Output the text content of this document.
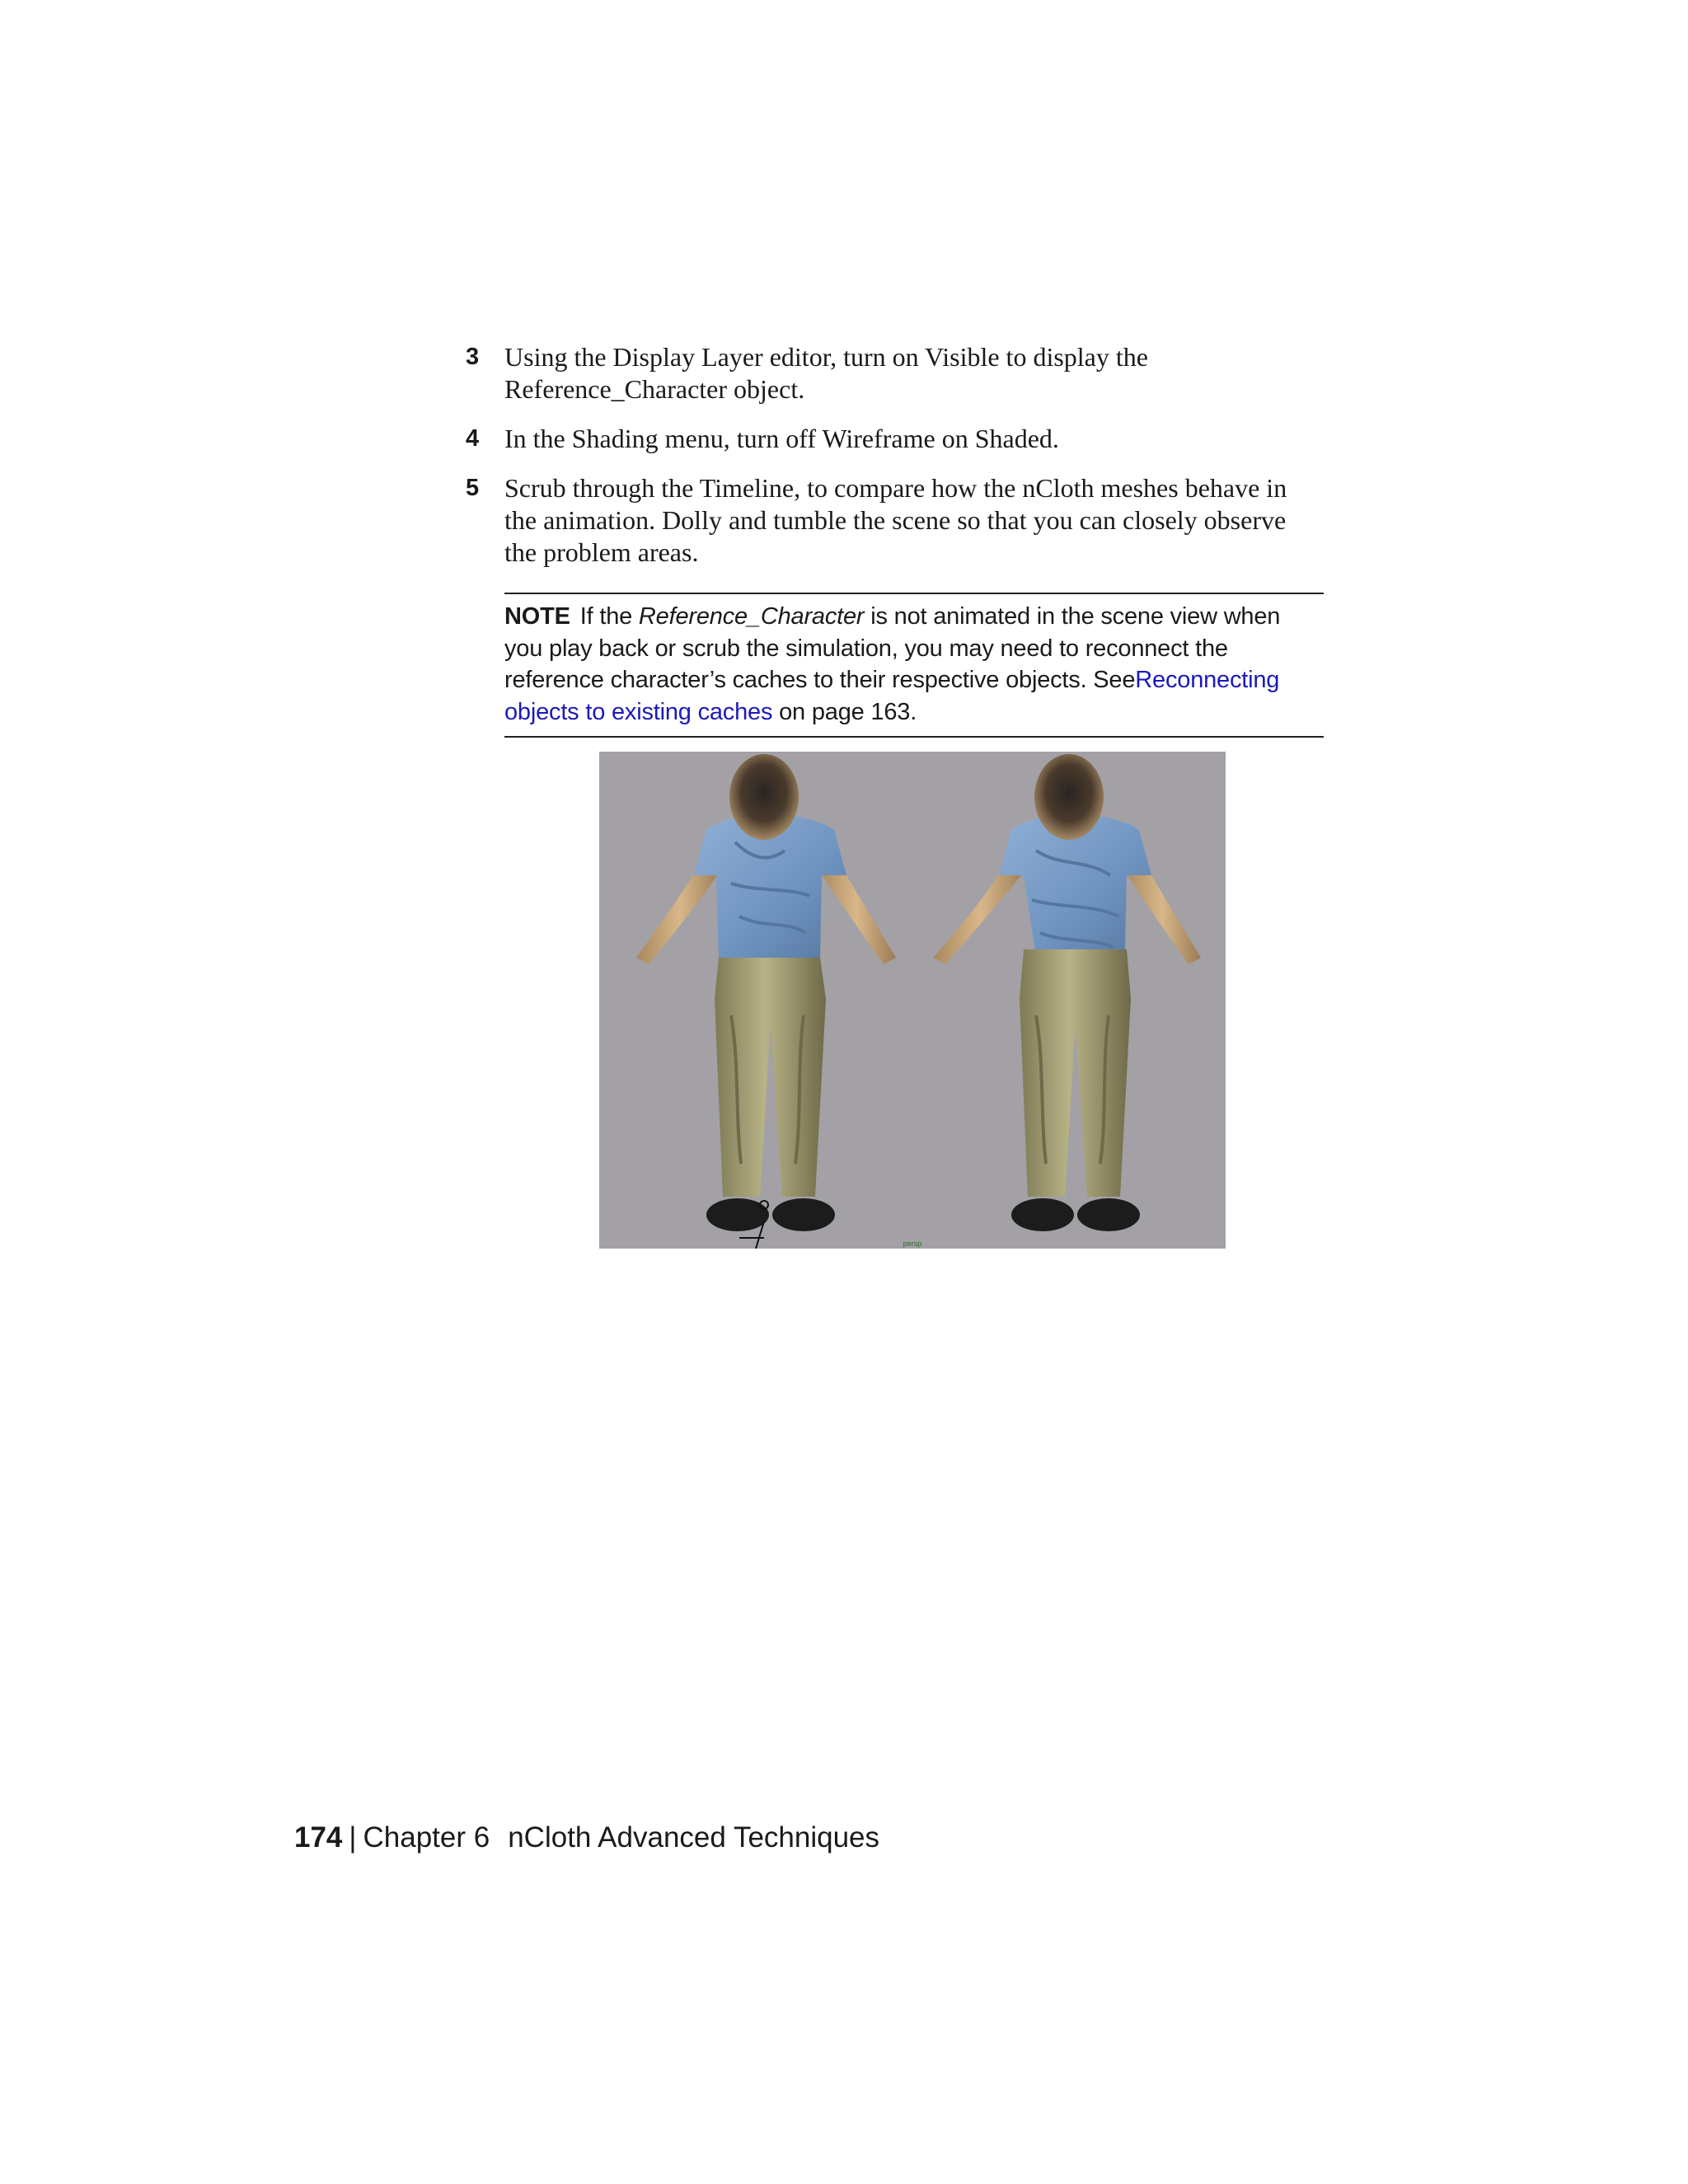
3 Using the Display Layer editor, turn on Visible to display the Reference_Character object.
4 In the Shading menu, turn off Wireframe on Shaded.
5 Scrub through the Timeline, to compare how the nCloth meshes behave in the animation. Dolly and tumble the scene so that you can closely observe the problem areas.
NOTE If the Reference_Character is not animated in the scene view when you play back or scrub the simulation, you may need to reconnect the reference character’s caches to their respective objects. SeeReconnecting objects to existing caches on page 163.
persp
174 | Chapter 6 nCloth Advanced Techniques
